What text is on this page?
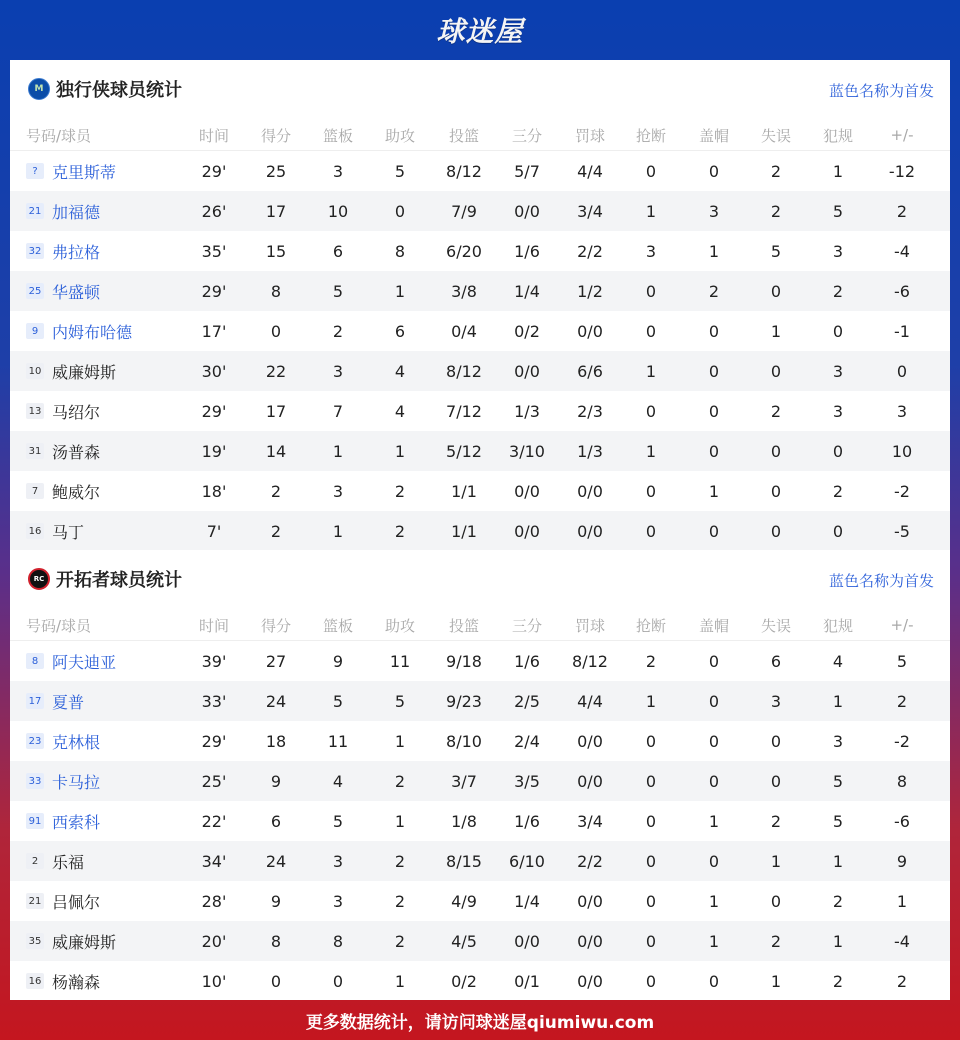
球迷屋
M 独行侠球员统计	蓝色名称为首发
号码/球员	时间	得分	篮板	助攻	投篮	三分	罚球	抢断	盖帽	失误	犯规	+/-
? 克里斯蒂	29'	25	3	5	8/12	5/7	4/4	0	0	2	1	-12
21 加福德	26'	17	10	0	7/9	0/0	3/4	1	3	2	5	2
32 弗拉格	35'	15	6	8	6/20	1/6	2/2	3	1	5	3	-4
25 华盛顿	29'	8	5	1	3/8	1/4	1/2	0	2	0	2	-6
9 内姆布哈德	17'	0	2	6	0/4	0/2	0/0	0	0	1	0	-1
10 威廉姆斯	30'	22	3	4	8/12	0/0	6/6	1	0	0	3	0
13 马绍尔	29'	17	7	4	7/12	1/3	2/3	0	0	2	3	3
31 汤普森	19'	14	1	1	5/12	3/10	1/3	1	0	0	0	10
7 鲍威尔	18'	2	3	2	1/1	0/0	0/0	0	1	0	2	-2
16 马丁	7'	2	1	2	1/1	0/0	0/0	0	0	0	0	-5
RC 开拓者球员统计	蓝色名称为首发
号码/球员	时间	得分	篮板	助攻	投篮	三分	罚球	抢断	盖帽	失误	犯规	+/-
8 阿夫迪亚	39'	27	9	11	9/18	1/6	8/12	2	0	6	4	5
17 夏普	33'	24	5	5	9/23	2/5	4/4	1	0	3	1	2
23 克林根	29'	18	11	1	8/10	2/4	0/0	0	0	0	3	-2
33 卡马拉	25'	9	4	2	3/7	3/5	0/0	0	0	0	5	8
91 西索科	22'	6	5	1	1/8	1/6	3/4	0	1	2	5	-6
2 乐福	34'	24	3	2	8/15	6/10	2/2	0	0	1	1	9
21 吕佩尔	28'	9	3	2	4/9	1/4	0/0	0	1	0	2	1
35 威廉姆斯	20'	8	8	2	4/5	0/0	0/0	0	1	2	1	-4
16 杨瀚森	10'	0	0	1	0/2	0/1	0/0	0	0	1	2	2
更多数据统计，请访问球迷屋qiumiwu.com
